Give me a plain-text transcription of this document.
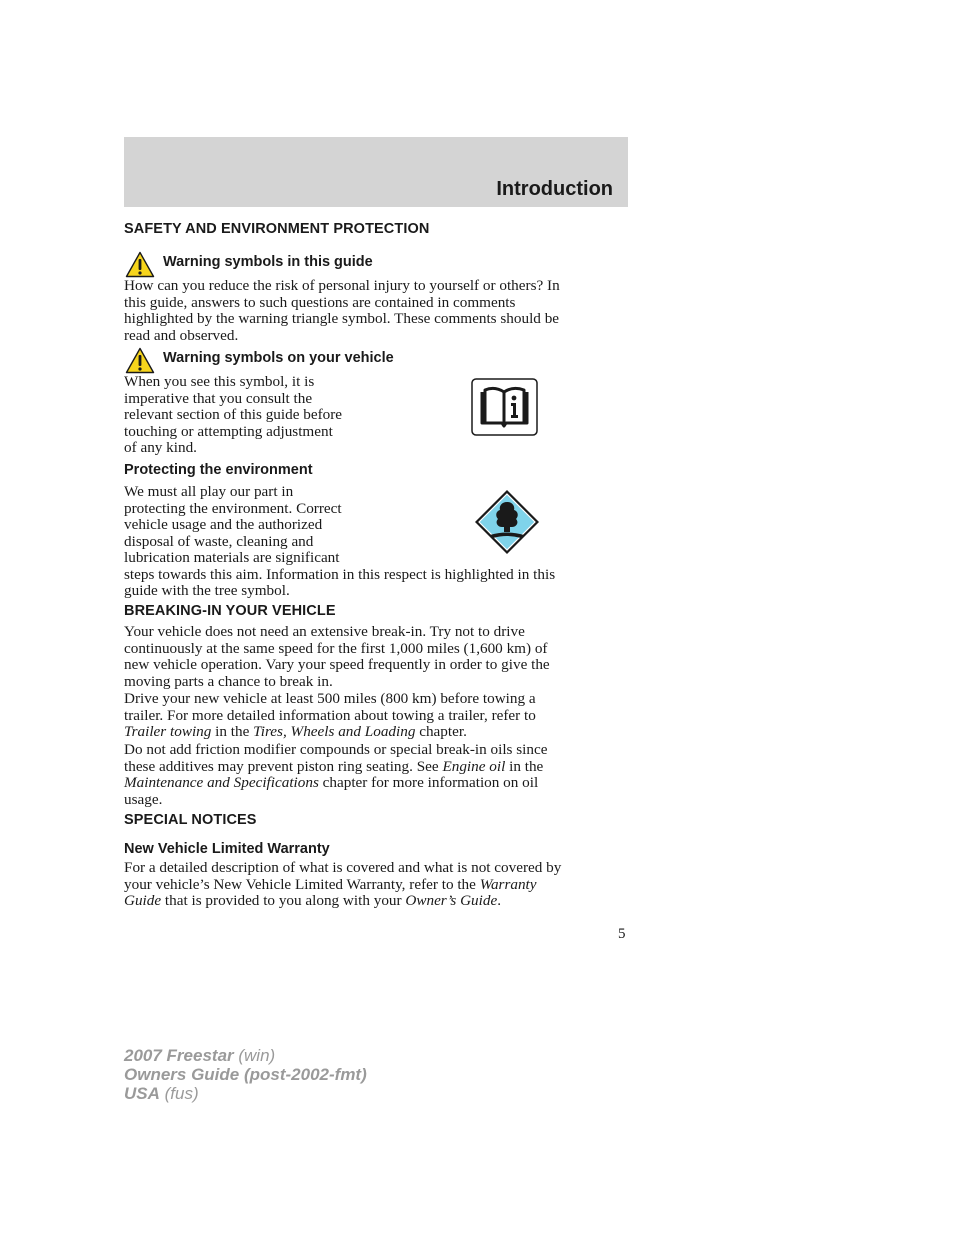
Introduction
SAFETY AND ENVIRONMENT PROTECTION
Warning symbols in this guide
How can you reduce the risk of personal injury to yourself or others? In
this guide, answers to such questions are contained in comments
highlighted by the warning triangle symbol. These comments should be
read and observed.
Warning symbols on your vehicle
When you see this symbol, it is
imperative that you consult the
relevant section of this guide before
touching or attempting adjustment
of any kind.
Protecting the environment
We must all play our part in
protecting the environment. Correct
vehicle usage and the authorized
disposal of waste, cleaning and
lubrication materials are significant
steps towards this aim. Information in this respect is highlighted in this
guide with the tree symbol.
BREAKING-IN YOUR VEHICLE
Your vehicle does not need an extensive break-in. Try not to drive
continuously at the same speed for the first 1,000 miles (1,600 km) of
new vehicle operation. Vary your speed frequently in order to give the
moving parts a chance to break in.
Drive your new vehicle at least 500 miles (800 km) before towing a
trailer. For more detailed information about towing a trailer, refer to
Trailer towing in the Tires, Wheels and Loading chapter.
Do not add friction modifier compounds or special break-in oils since
these additives may prevent piston ring seating. See Engine oil in the
Maintenance and Specifications chapter for more information on oil
usage.
SPECIAL NOTICES
New Vehicle Limited Warranty
For a detailed description of what is covered and what is not covered by
your vehicle’s New Vehicle Limited Warranty, refer to the Warranty
Guide that is provided to you along with your Owner’s Guide.
5
2007 Freestar (win)
Owners Guide (post-2002-fmt)
USA (fus)
